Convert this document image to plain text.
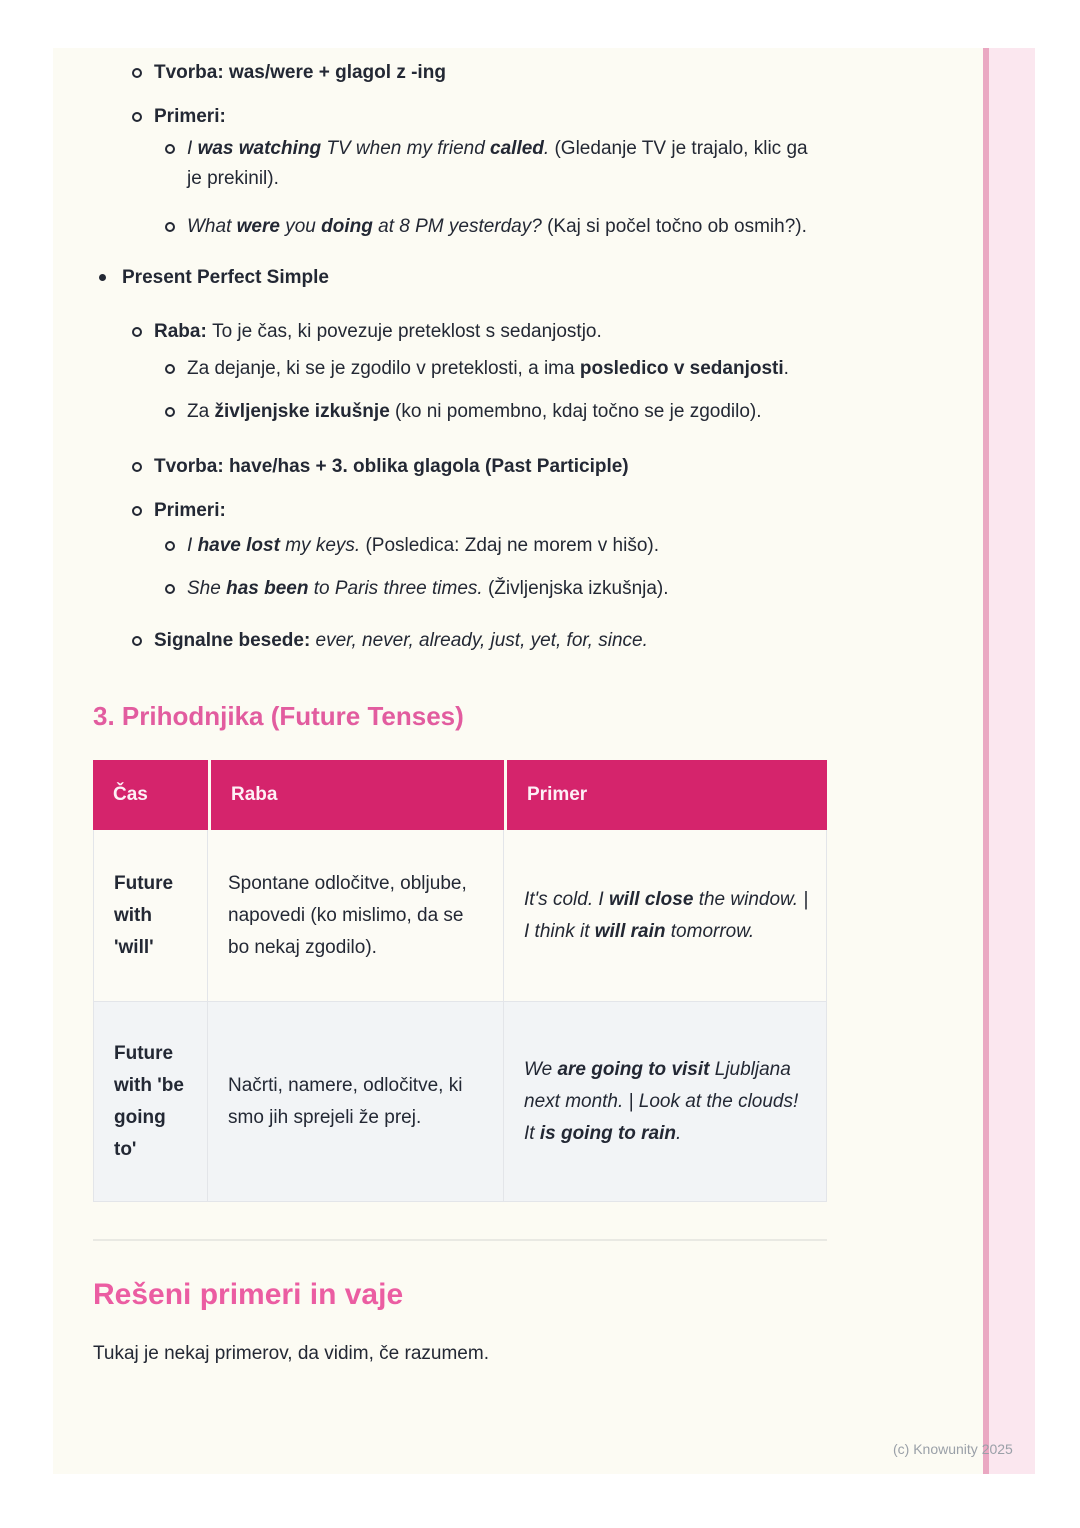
Tvorba: was/were + glagol z -ing
Primeri:
I was watching TV when my friend called. (Gledanje TV je trajalo, klic ga je prekinil).
What were you doing at 8 PM yesterday? (Kaj si počel točno ob osmih?).
Present Perfect Simple
Raba: To je čas, ki povezuje preteklost s sedanjostjo.
Za dejanje, ki se je zgodilo v preteklosti, a ima posledico v sedanjosti.
Za življenjske izkušnje (ko ni pomembno, kdaj točno se je zgodilo).
Tvorba: have/has + 3. oblika glagola (Past Participle)
Primeri:
I have lost my keys. (Posledica: Zdaj ne morem v hišo).
She has been to Paris three times. (Življenjska izkušnja).
Signalne besede: ever, never, already, just, yet, for, since.
3. Prihodnjika (Future Tenses)
Čas	Raba	Primer
Future with 'will'	Spontane odločitve, obljube, napovedi (ko mislimo, da se bo nekaj zgodilo).	It's cold. I will close the window. | I think it will rain tomorrow.
Future with 'be going to'	Načrti, namere, odločitve, ki smo jih sprejeli že prej.	We are going to visit Ljubljana next month. | Look at the clouds! It is going to rain.
Rešeni primeri in vaje
Tukaj je nekaj primerov, da vidim, če razumem.
(c) Knowunity 2025
